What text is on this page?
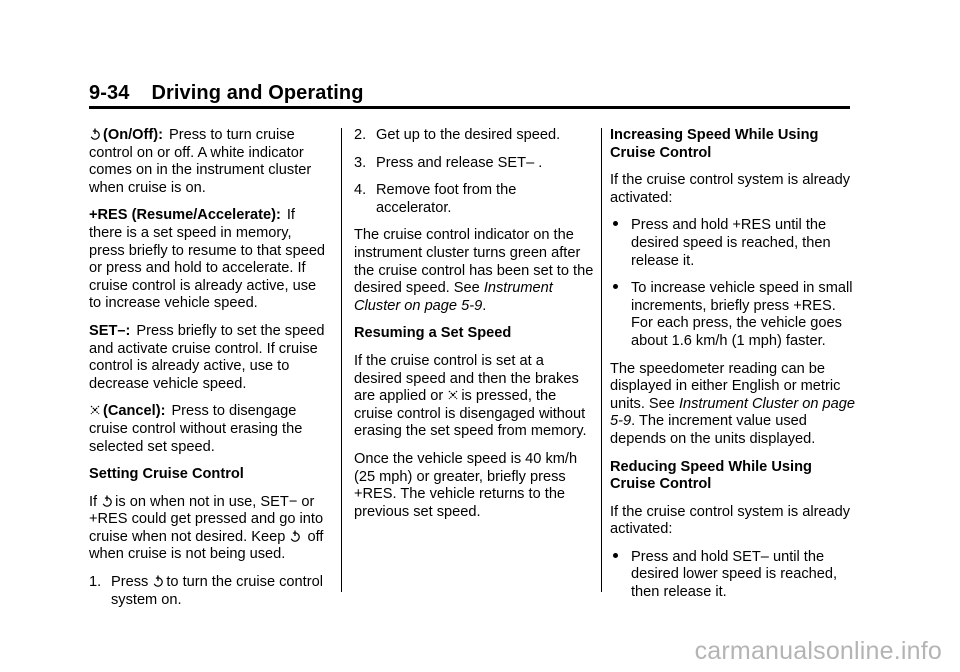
9-34 Driving and Operating

(On/Off): Press to turn cruise control on or off. A white indicator comes on in the instrument cluster when cruise is on.

+RES (Resume/Accelerate): If there is a set speed in memory, press briefly to resume to that speed or press and hold to accelerate. If cruise control is already active, use to increase vehicle speed.

SET–: Press briefly to set the speed and activate cruise control. If cruise control is already active, use to decrease vehicle speed.

(Cancel): Press to disengage cruise control without erasing the selected set speed.

Setting Cruise Control

If is on when not in use, SET− or +RES could get pressed and go into cruise when not desired. Keep off when cruise is not being used.

1. Press to turn the cruise control system on.
2. Get up to the desired speed.
3. Press and release SET– .
4. Remove foot from the accelerator.

The cruise control indicator on the instrument cluster turns green after the cruise control has been set to the desired speed. See Instrument Cluster on page 5-9.

Resuming a Set Speed

If the cruise control is set at a desired speed and then the brakes are applied or is pressed, the cruise control is disengaged without erasing the set speed from memory.

Once the vehicle speed is 40 km/h (25 mph) or greater, briefly press +RES. The vehicle returns to the previous set speed.

Increasing Speed While Using Cruise Control

If the cruise control system is already activated:

Press and hold +RES until the desired speed is reached, then release it.
To increase vehicle speed in small increments, briefly press +RES. For each press, the vehicle goes about 1.6 km/h (1 mph) faster.

The speedometer reading can be displayed in either English or metric units. See Instrument Cluster on page 5-9. The increment value used depends on the units displayed.

Reducing Speed While Using Cruise Control

If the cruise control system is already activated:

Press and hold SET– until the desired lower speed is reached, then release it.
carmanualsonline.info
